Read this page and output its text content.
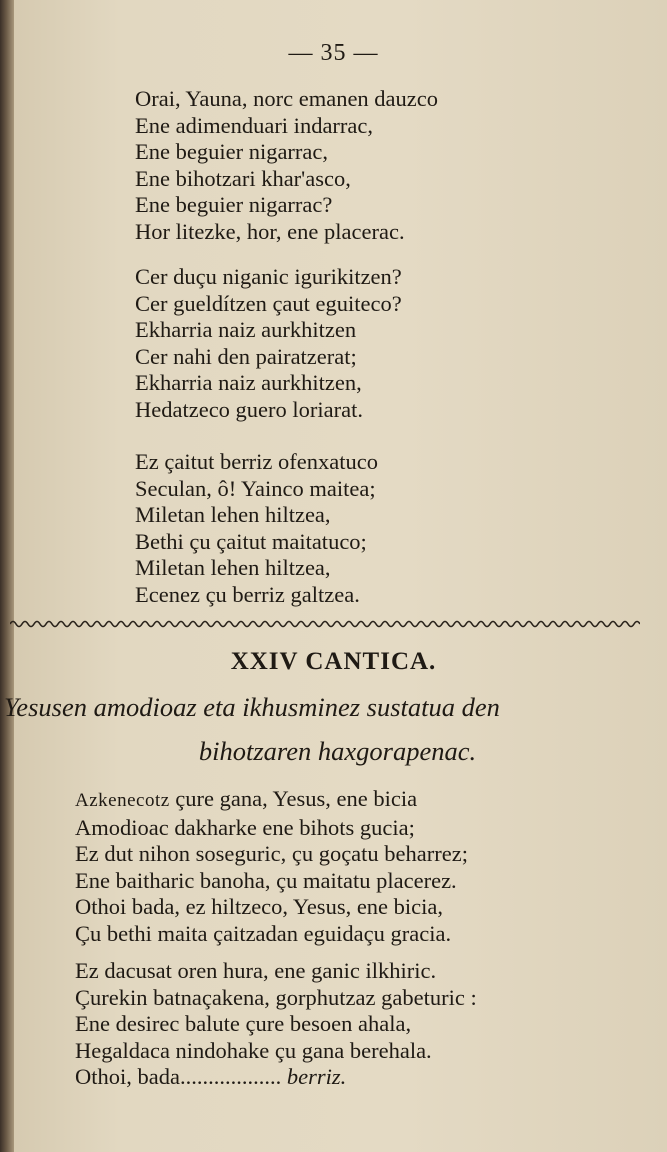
— 35 —
Orai, Yauna, norc emanen dauzco
Ene adimenduari indarrac,
Ene beguier nigarrac,
Ene bihotzari khar'asco,
Ene beguier nigarrac?
Hor litezke, hor, ene placerac.
Cer duçu niganic igurikitzen?
Cer gueldítzen çaut eguiteco?
Ekharria naiz aurkhitzen
Cer nahi den pairatzerat;
Ekharria naiz aurkhitzen,
Hedatzeco guero loriarat.
Ez çaitut berriz ofenxatuco
Seculan, ô! Yainco maitea;
Miletan lehen hiltzea,
Bethi çu çaitut maitatuco;
Miletan lehen hiltzea,
Ecenez çu berriz galtzea.
XXIV CANTICA.
Yesusen amodioaz eta ikhusminez sustatua den
bihotzaren haxgorapenac.
Azkenecotz çure gana, Yesus, ene bicia
Amodioac dakharke ene bihots gucia;
Ez dut nihon soseguric, çu goçatu beharrez;
Ene baitharic banoha, çu maitatu placerez.
Othoi bada, ez hiltzeco, Yesus, ene bicia,
Çu bethi maita çaitzadan eguidaçu gracia.
Ez dacusat oren hura, ene ganic ilkhiric.
Çurekin batnaçakena, gorphutzaz gabeturic :
Ene desirec balute çure besoen ahala,
Hegaldaca nindohake çu gana berehala.
Othoi, bada.................. berriz.
